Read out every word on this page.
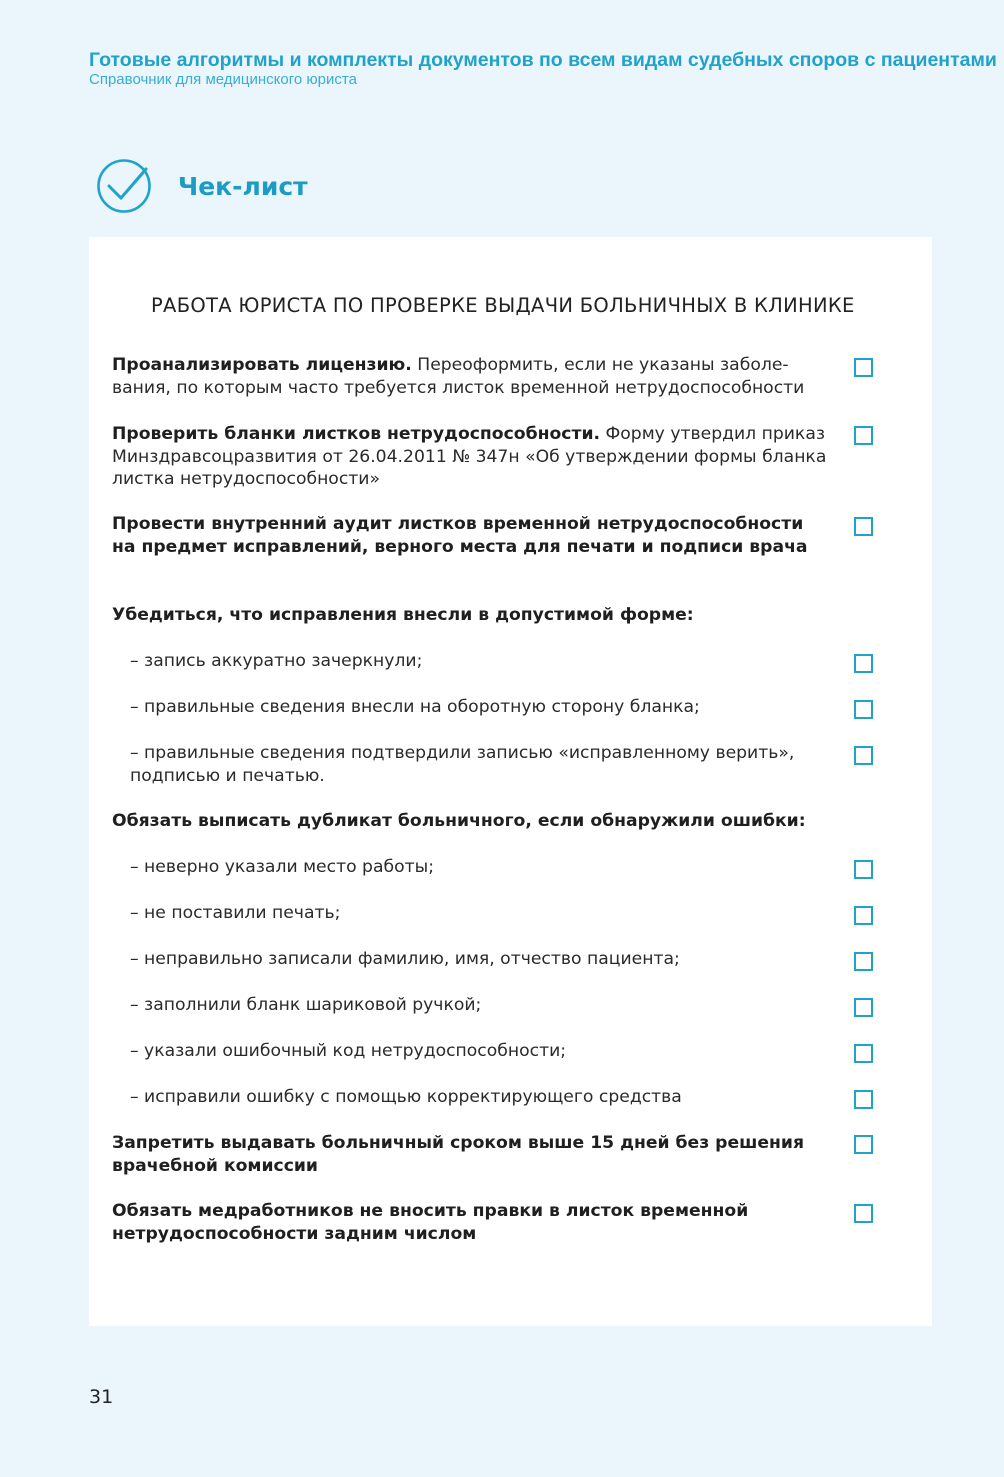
Готовые алгоритмы и комплекты документов по всем видам судебных споров с пациентами
Справочник для медицинского юриста
Чек-лист
РАБОТА ЮРИСТА ПО ПРОВЕРКЕ ВЫДАЧИ БОЛЬНИЧНЫХ В КЛИНИКЕ
Проанализировать лицензию. Переоформить, если не указаны заболевания, по которым часто требуется листок временной нетрудоспособности
Проверить бланки листков нетрудоспособности. Форму утвердил приказ Минздравсоцразвития от 26.04.2011 № 347н «Об утверждении формы бланка листка нетрудоспособности»
Провести внутренний аудит листков временной нетрудоспособности на предмет исправлений, верного места для печати и подписи врача
Убедиться, что исправления внесли в допустимой форме:
– запись аккуратно зачеркнули;
– правильные сведения внесли на оборотную сторону бланка;
– правильные сведения подтвердили записью «исправленному верить», подписью и печатью.
Обязать выписать дубликат больничного, если обнаружили ошибки:
– неверно указали место работы;
– не поставили печать;
– неправильно записали фамилию, имя, отчество пациента;
– заполнили бланк шариковой ручкой;
– указали ошибочный код нетрудоспособности;
– исправили ошибку с помощью корректирующего средства
Запретить выдавать больничный сроком выше 15 дней без решения врачебной комиссии
Обязать медработников не вносить правки в листок временной нетрудоспособности задним числом
31
